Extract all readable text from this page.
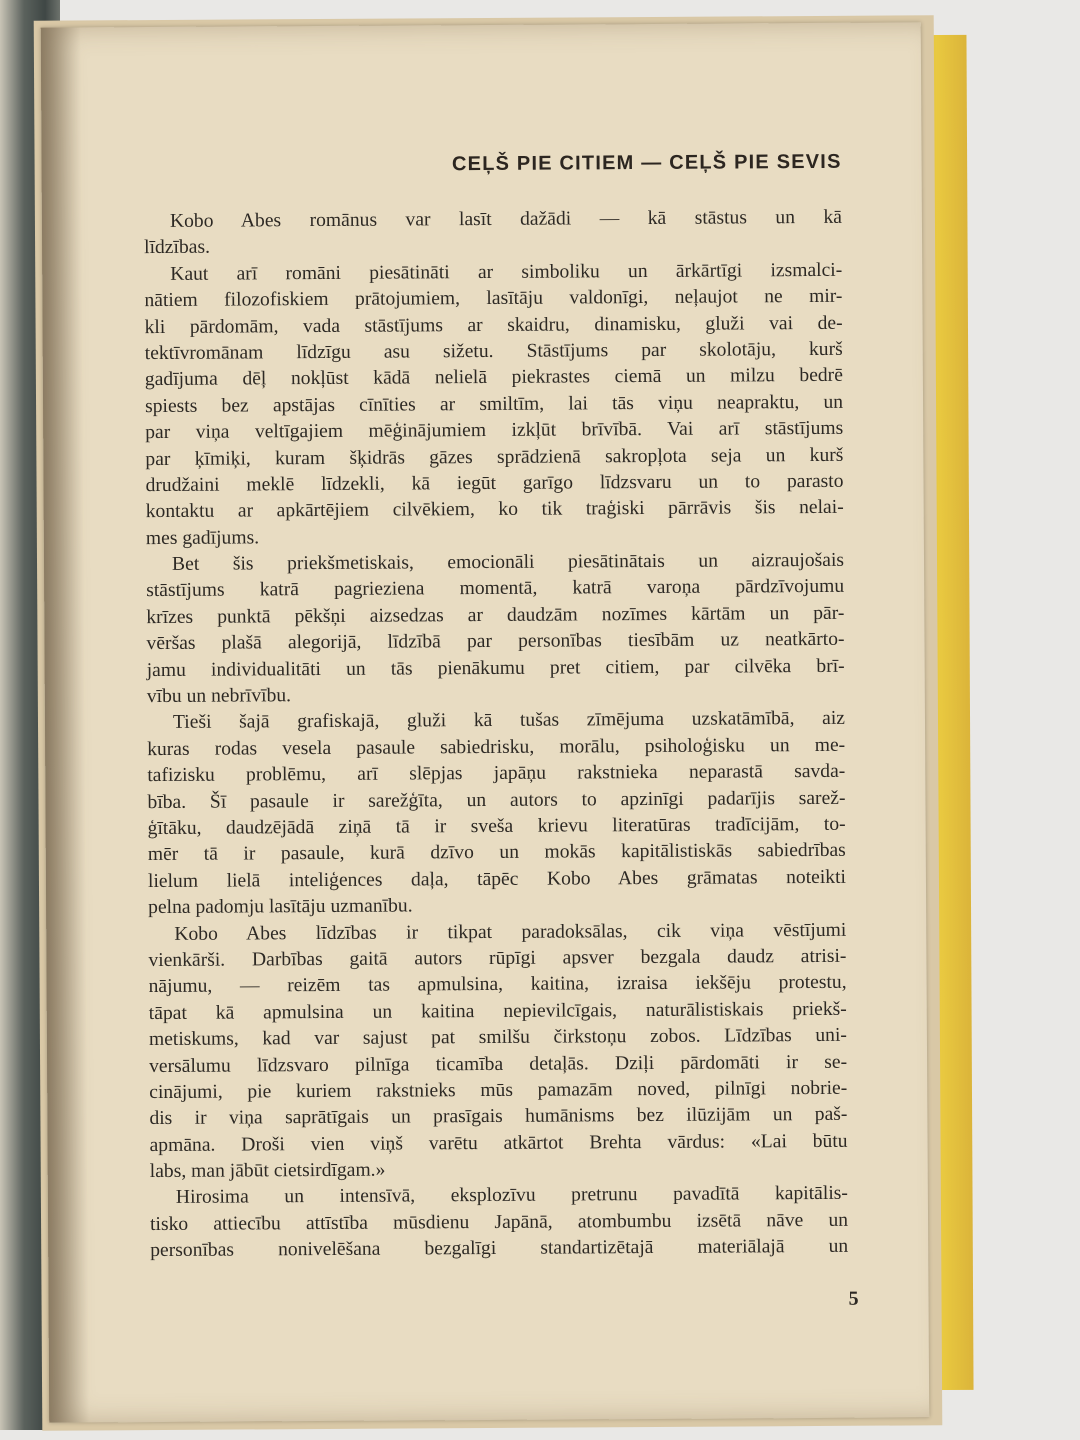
CEĻŠ PIE CITIEM — CEĻŠ PIE SEVIS
Kobo Abes romānus var lasīt dažādi — kā stāstus un kā
līdzības.
Kaut arī romāni piesātināti ar simboliku un ārkārtīgi izsmalci-
nātiem filozofiskiem prātojumiem, lasītāju valdonīgi, neļaujot ne mir-
kli pārdomām, vada stāstījums ar skaidru, dinamisku, gluži vai de-
tektīvromānam līdzīgu asu sižetu. Stāstījums par skolotāju, kurš
gadījuma dēļ nokļūst kādā nelielā piekrastes ciemā un milzu bedrē
spiests bez apstājas cīnīties ar smiltīm, lai tās viņu neapraktu, un
par viņa veltīgajiem mēģinājumiem izkļūt brīvībā. Vai arī stāstījums
par ķīmiķi, kuram šķidrās gāzes sprādzienā sakropļota seja un kurš
drudžaini meklē līdzekli, kā iegūt garīgo līdzsvaru un to parasto
kontaktu ar apkārtējiem cilvēkiem, ko tik traģiski pārrāvis šis nelai-
mes gadījums.
Bet šis priekšmetiskais, emocionāli piesātinātais un aizraujošais
stāstījums katrā pagrieziena momentā, katrā varoņa pārdzīvojumu
krīzes punktā pēkšņi aizsedzas ar daudzām nozīmes kārtām un pār-
vēršas plašā alegorijā, līdzībā par personības tiesībām uz neatkārto-
jamu individualitāti un tās pienākumu pret citiem, par cilvēka brī-
vību un nebrīvību.
Tieši šajā grafiskajā, gluži kā tušas zīmējuma uzskatāmībā, aiz
kuras rodas vesela pasaule sabiedrisku, morālu, psiholoģisku un me-
tafizisku problēmu, arī slēpjas japāņu rakstnieka neparastā savda-
bība. Šī pasaule ir sarežģīta, un autors to apzinīgi padarījis sarež-
ģītāku, daudzējādā ziņā tā ir sveša krievu literatūras tradīcijām, to-
mēr tā ir pasaule, kurā dzīvo un mokās kapitālistiskās sabiedrības
lielum lielā inteliģences daļa, tāpēc Kobo Abes grāmatas noteikti
pelna padomju lasītāju uzmanību.
Kobo Abes līdzības ir tikpat paradoksālas, cik viņa vēstījumi
vienkārši. Darbības gaitā autors rūpīgi apsver bezgala daudz atrisi-
nājumu, — reizēm tas apmulsina, kaitina, izraisa iekšēju protestu,
tāpat kā apmulsina un kaitina nepievilcīgais, naturālistiskais priekš-
metiskums, kad var sajust pat smilšu čirkstoņu zobos. Līdzības uni-
versālumu līdzsvaro pilnīga ticamība detaļās. Dziļi pārdomāti ir se-
cinājumi, pie kuriem rakstnieks mūs pamazām noved, pilnīgi nobrie-
dis ir viņa saprātīgais un prasīgais humānisms bez ilūzijām un paš-
apmāna. Droši vien viņš varētu atkārtot Brehta vārdus: «Lai būtu
labs, man jābūt cietsirdīgam.»
Hirosima un intensīvā, eksplozīvu pretrunu pavadītā kapitālis-
tisko attiecību attīstība mūsdienu Japānā, atombumbu izsētā nāve un
personības nonivelēšana bezgalīgi standartizētajā materiālajā un
5
